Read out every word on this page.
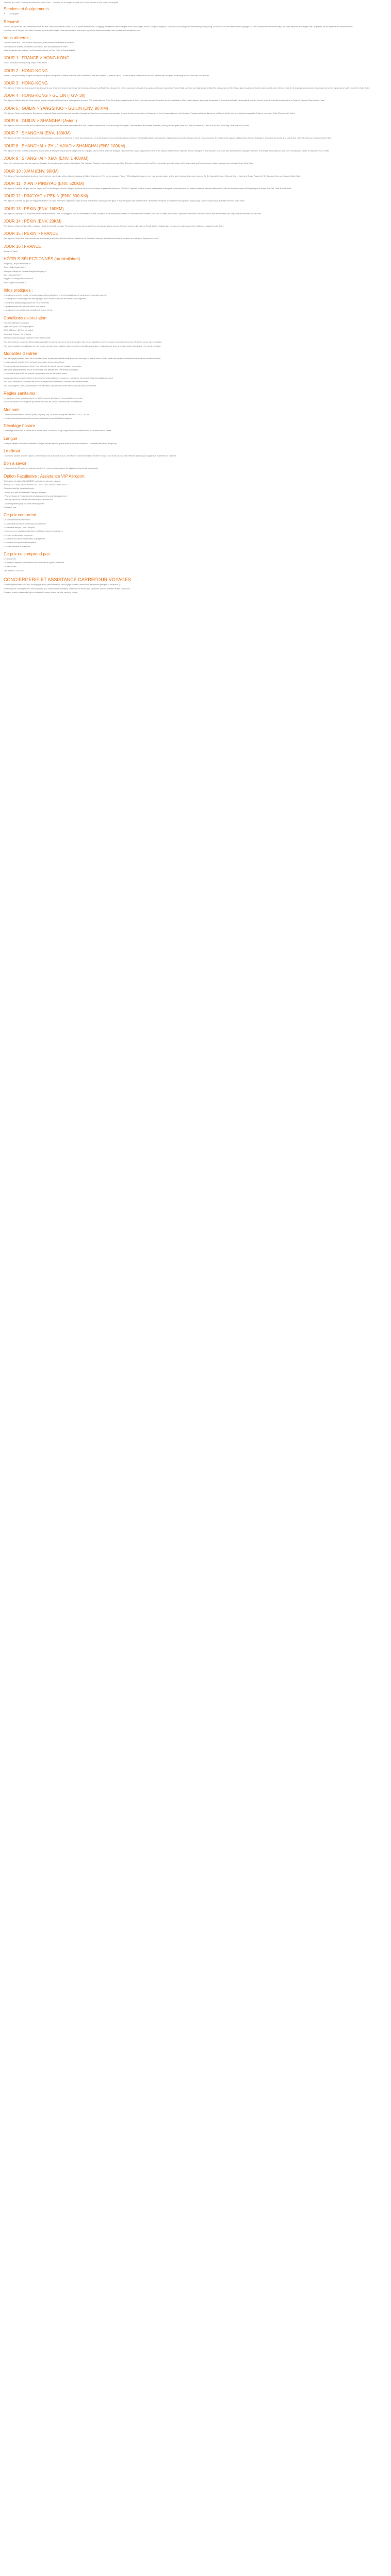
Descriptif du Circuit: Croisière des Merveilles de la Chine — croisière sur le Yangtsé et visite de la Chine du nord au sud, avec Conciergerie
Services et équipements
• Conciergerie
Résumé

Explorez en 16 jours les sites emblématiques de la Chine : Pékin et la Grande Muraille, Xi'an et l'armée de terre cuite, Chongqing, le majestueux fleuve Yangtsé et ses Trois Gorges, Wuhan, Shanghai, Hangzhou, Suzhou et Zhouzhuang avant de terminer par Hong Kong. Vous découvrirez les traditions et les paysages qui font la richesse de cet immense pays, des palais impériaux aux villages d'eau, en passant par les temples et les marchés animés.

La croisière sur le Yangtsé vous offrira l'occasion de contempler les plus beaux panoramas du pays depuis le pont d'un bateau confortable, avec excursions et animations à bord.

Vous aimerez :

Une découverte de la Chine d'hier et d'aujourd'hui, entre traditions ancestrales et modernité

Découvrir la Cité Interdite, la Grande Muraille et les sites incontournables de Pékin

Visiter les grands sites protégés : la Cité Interdite, l'Armée de Terre Cuite, la Grande Muraille

JOUR 1 : FRANCE > HONG-KONG

Envol à destination de Hong Kong. Repas et nuit à bord.

JOUR 2 : HONG-KONG

Arrivée à l'aéroport de Hong Kong et accueil par votre guide francophone. Transfert vers votre hôtel et installation dans les chambres (à partir de 14h00). Journée et repas libres selon les horaires d'arrivée pour récupérer du décalage horaire. Dîner libre. Nuit à l'hôtel.

JOUR 3 : HONG-KONG

Petit déjeuner. Profitez d'une demi-journée de découverte pour découvrir le charme authentique de Hong Kong. Découvrez la Peak Tram, découvrez le célèbre panorama sur la ville et ses gratte-ciel depuis le sommet du Victoria Peak, puis visite du temple taoïste de Man Mo, le plus ancien de l'île. Balade dans le quartier de Stanley et son marché coloré. Déjeuner libre. En fin d'après-midi, découverte du spectacle de lumière 'Symphony of Lights'. Dîner libre. Nuit à l'hôtel.

JOUR 4 : HONG-KONG > GUILIN (TGV- 3h)

Petit déjeuner. Matinée libre. En fin de matinée, transfert à la gare de Hong Kong et embarquement à bord du TGV à destination de Guilin (3h de trajet). Après l'arrivée à Guilin, vous serez accueilli et transféré en ville. Installation à l'hôtel pour le déjeuner. Après-midi consacrée à la découverte de la ville : promenade le long des rives de la rivière Li et visite de la colline de la Trompe d'Éléphant. Dîner et nuit à l'hôtel.

JOUR 5 : GUILIN > YANGSHUO > GUILIN (ENV. 90 KM)

Petit déjeuner. Route vers Yangshuo. Déjeuner au restaurant. Départ pour la charmante et célèbre bourgade de Yangshuo, connue pour ses paysages de pains de sucre et ses rizières. Croisière sur la rivière Li avec déjeuner à bord. Arrivée à Yangshuo et balade dans la rue de l'Ouest, célèbre pour ses boutiques et ses cafés. Route de retour vers Guilin. Dîner et nuit à l'hôtel.

JOUR 6 : GUILIN > SHANGHAI (Avion )

Petit déjeuner. Selon les horaires de vol, matinée libre à Guilin pour une découverte personnelle de la ville. Transfert à l'aéroport de Guilin et envol pour Shanghai. Dîner libre selon les horaires. À l'arrivée, accueil par votre guide, visite de la Tour de la Perle de l'Orient et du quartier de Pudong. Dîner libre. Nuit à l'hôtel.

JOUR 7 : SHANGHAI (ENV. 180KM)

Petit déjeuner à l'hôtel. Excursion d'une journée à Zhouzhuang, surnommée la Venise de la Chine avec ses canaux, ses ponts de pierre et ses maisons anciennes. Déjeuner de spécialités locales au restaurant. L'après-midi, promenade en barque au fil de l'eau, découverte des ruelles et des maisons traditionnelles. Retour à Shanghai et découverte du marché de la soie et de la vieille ville. Dîner au restaurant. Nuit à l'hôtel.

JOUR 8 : SHANGHAI > ZHUJIAJIAO > SHANGHAI (ENV. 100KM)

Petit déjeuner à l'hôtel. Matinée consacrée à la découverte de Shanghai. Départ pour le village d'eau de Zhujiajiao, situé à environ 50 km de Shanghai. Découverte des canaux, des ponts en pierre et des maisons traditionnelles. Déjeuner. Retour à Shanghai et visite du jardin Yu, l'un des plus célèbres jardins classiques de Chine, et du temple du Bouddha de Jade. Dîner de spécialités locales au restaurant. Nuit à l'hôtel.

JOUR 9 : SHANGHAI > XIAN (ENV. 1 400KM)

Après votre petit déjeuner, visite du musée de Shanghai, l'un des plus grands musées d'art chinois. Puis, déjeuner. Transfert à l'aéroport et envol pour Xi'an. À l'arrivée, transfert vers votre hôtel. Dîner de raviolis, spécialité locale, suivi d'un spectacle des Tang (costumes, danses, musiques de la dynastie Tang). Nuit à l'hôtel.

JOUR 10 : XIAN (ENV. 90KM)

Petit déjeuner. Route pour la visite du site de l'Armée de terre cuite, le plus célèbre site archéologique de Chine, découvert en 1974 par des paysans. Plus de 7000 soldats et chevaux en terre cuite grandeur nature veillent sur le tombeau du premier empereur Qin Shi Huangdi. Déjeuner. Retour à Xi'an et visite de la Grande Pagode de l'Oie Sauvage. Dîner au restaurant. Nuit à l'hôtel.

JOUR 11 : XIAN > PINGYAO (ENV. 520KM)

Petit déjeuner. Transfert à la gare de Xi'an. Départ en TGV vers Pingyao. Arrivée à Pingyao, ancienne cité préservée classée au patrimoine mondial de l'UNESCO. Déjeuner. Visite de la vieille ville entourée de remparts, promenade dans ses ruelles bordées de maisons traditionnelles, visite de l'ancienne banque Rishengchang et du temple de la Cité. Dîner et nuit à l'hôtel.

JOUR 12 : PINGYAO > PÉKIN (ENV. 600 KM)

Petit déjeuner. Transfert à la gare de Pingyao et départ en TGV (3h) vers Pékin. Déjeuner en cours de route ou à l'arrivée. Accueil par votre guide et visite de la place Tian'anmen et de la Cité Interdite, résidence des empereurs des dynasties Ming et Qing. Dîner de canard laqué, spécialité de Pékin. Nuit à l'hôtel.

JOUR 13 : PÉKIN (ENV. 160KM)

Petit déjeuner. Départ pour la découverte de la Grande Muraille de Chine à Juyongguan, l'une des merveilles du monde. Ascension de ce monument qui s'étend sur des milliers de kilomètres. Arrêt dans un atelier de cloisonné. Déjeuner au restaurant. Retour à Pékin et visite des tombeaux des Ming. Dîner au restaurant. Nuit à l'hôtel.

JOUR 14 : PÉKIN (ENV. 20KM)

Petit déjeuner. Visite du Palais d'Été, résidence estivale de la famille impériale. Promenade sur le lac Kunming et le long de la longue galerie couverte. Déjeuner. L'après-midi, visite du Temple du Ciel et balade dans un hutong en cyclo-pousse. Dîner d'adieu au restaurant. Nuit à l'hôtel.

JOUR 15 : PÉKIN > FRANCE

Petit déjeuner. Temps libre pour continuer vos découvertes personnelles de Pékin selon les horaires de vol. Transfert à l'aéroport international de Pékin et vol retour vers la France. Repas et nuit à bord.

JOUR 16 : FRANCE

Arrivée en France.

HÔTELS SÉLECTIONNÉS (ou similaires)

Hong Kong : Royal Pacific Hotel 4*

Guilin : Guilin Grand Hotel 4*

Shanghai : Holiday Inn Express Shanghai Gongkang 4*

Xian : Xiaozhai Hotel 4*

Pingyao : Yi Cheng Yuan Guesthouse

Pékin : Super House Hotel 4*

Infos pratiques :

Le programme peut être modifié en fonction des conditions climatiques et des impératifs locaux, le contenu sera cependant respecté.

Les participants à ce circuit peuvent être regroupés sur un même circuit avec des clients d'autres agences.

Le nombre de participants peut varier de 2 à 30 personnes.

Le programme peut être effectué dans le sens inverse.

Le programme est conseillé pour les adultes de plus de 12 ans.

Conditions d'annulation

Frais de modification / annulation :

A plus de 30 jours : 10% du prix global

De 30 à 15 jours : 60 % du prix global

A moins de 15 jours : 100 % du prix

Attention, l'achat de bagage optionnel est non remboursable

Pour les contrats de voyage, la réglementation applicable est celle du pays où se trouve le voyageur. Une fois les prestations réservées, aucun remboursement ne sera effectué en cas de non-présentation.

Pour toute annulation ou modification de votre voyage, des frais seront facturés conformément à nos conditions générales et particulières de vente, le montant variant selon la date et le type de prestation.

Modalités d'entrée :

Pour les voyageurs devant entrer sur le territoire chinois, le passeport doit être valide au moins 6 mois après la date de retour. Vérifiez avant votre départ les informations de visa et les conditions d'entrée.

Le passeport doit obligatoirement comporter deux pages vierges consécutives.

Prévoir un visa pour séjourner en Chine. Pour l'obtention de celui-ci, merci de contacter nos services.

Sans copie passeport fournie au J15, la réservation sera annulée avec 75% de frais d'annulation.

Les mineurs de plus de 16 ans peuvent voyager seuls avec les documents requis.

Nous vous invitons à vous tenir informé des dernières réglementations en vigueur en consultant le site suivant : https://www.diplomatie.gouv.fr

Pour plus d'informations concernant les vaccins et les précautions sanitaires, consultez votre médecin traitant.

Pour tout voyage en Chine, la présentation d'une attestation d'assurance couvrant les frais médicaux est recommandée.

Règles sanitaires :

Les vaccins et règles sanitaires doivent être vérifiés avant le départ auprès des autorités compétentes.

Aucune vaccination n'est obligatoire pour entrer en Chine, les vaccins universels étant recommandés.

Monnaie

La monnaie chinoise est le renminbi (RMB) ou yuan (CNY). Le taux de change est d'environ 1 EUR = 7,8 CNY.

Les cartes bancaires internationales sont acceptées dans les grands hôtels et magasins.

Décalage horaire

Le décalage horaire avec la France est de +6h en été et +7h en hiver. Hong Kong et la Chine continentale sont sur le même fuseau horaire.

Langue

La langue officielle est le chinois mandarin. L'anglais est parlé dans les grands hôtels et les lieux touristiques. Le cantonais est parlé à Hong Kong.

Le climat

Le climat est variable selon les régions : continental au nord, subtropical au sud. Les étés sont chauds et humides, les hivers froids au nord et doux au sud. Les meilleures saisons pour voyager sont le printemps et l'automne.

Bon à savoir

Le courant est de 220 volts. Les prises de type A, C et I sont les plus courantes. Un adaptateur universel est recommandé.

Option Facultative : Assistance VIP Aéroport

Cette option est valable UNIQUEMENT au départ des aéroports suivants :

PARIS (CDG / ORY) - LYON - MARSEILLE - NICE - TOULOUSE ET BORDEAUX

Ce service inclut les éléments suivants :

- Accueil de la part d'un assistant à l'aéroport de départ

- Prise en charge de l'enregistrement des bagages et de la carte d'embarquement

- Passage rapide aux contrôles de sûreté et accès au salon VIP

- Accompagnement jusqu'à la porte d'embarquement

Prix base 2 pers

Ce prix comprend

Les vols internationaux aller/retour

Les vols intérieurs et trains mentionnés au programme

Les transferts aéroport / hôtel / aéroport

L'hébergement en chambre double dans les hôtels mentionnés ou similaires

Les repas mentionnés au programme

Les visites et excursions mentionnées au programme

Les services d'un guide local francophone

Les taxes aériennes et de sécurité

Ce prix ne comprend pas

Les assurances

Les boissons, dépenses personnelles et les pourboires aux guides, chauffeurs

Les frais de visa

Date d'édition : 04/01/2024

CONCIERGERIE ET ASSISTANCE CARREFOUR VOYAGES

Un service personnalisé pour vous accompagner avant, pendant et après votre voyage : conseils, réservations, informations pratiques et assistance 7j/7.

Notre équipe de conciergerie est à votre disposition pour toute demande spécifique : réservation de restaurants, spectacles, activités, transferts et bien plus encore.

En cas de besoin pendant votre séjour, contactez le numéro indiqué sur votre carnet de voyage.
